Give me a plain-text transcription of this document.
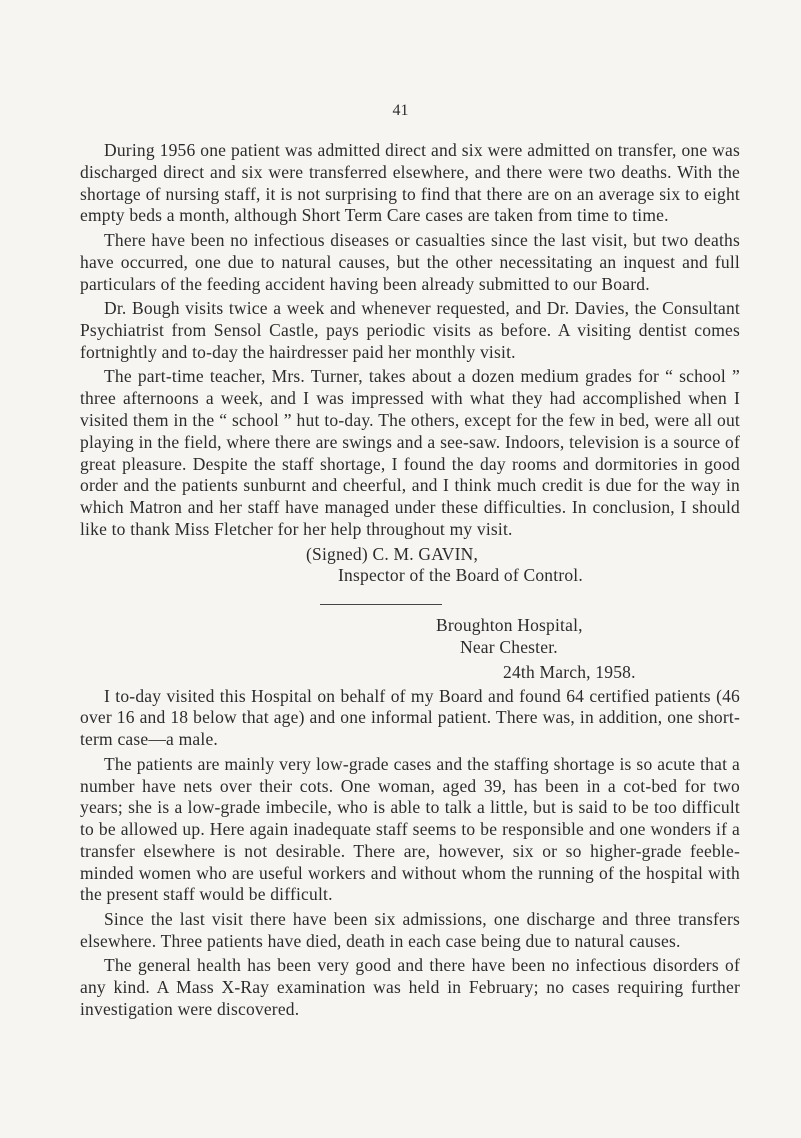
41

During 1956 one patient was admitted direct and six were admitted on transfer, one was discharged direct and six were transferred elsewhere, and there were two deaths. With the shortage of nursing staff, it is not surprising to find that there are on an average six to eight empty beds a month, although Short Term Care cases are taken from time to time.

There have been no infectious diseases or casualties since the last visit, but two deaths have occurred, one due to natural causes, but the other necessitating an inquest and full particulars of the feeding accident having been already submitted to our Board.

Dr. Bough visits twice a week and whenever requested, and Dr. Davies, the Consultant Psychiatrist from Sensol Castle, pays periodic visits as before. A visiting dentist comes fortnightly and to-day the hairdresser paid her monthly visit.

The part-time teacher, Mrs. Turner, takes about a dozen medium grades for “ school ” three afternoons a week, and I was impressed with what they had accomplished when I visited them in the “ school ” hut to-day. The others, except for the few in bed, were all out playing in the field, where there are swings and a see-saw. Indoors, television is a source of great pleasure. Despite the staff shortage, I found the day rooms and dormitories in good order and the patients sunburnt and cheerful, and I think much credit is due for the way in which Matron and her staff have managed under these difficulties. In conclusion, I should like to thank Miss Fletcher for her help throughout my visit.

(Signed) C. M. GAVIN,
Inspector of the Board of Control.
Broughton Hospital,
Near Chester.
24th March, 1958.

I to-day visited this Hospital on behalf of my Board and found 64 certified patients (46 over 16 and 18 below that age) and one informal patient. There was, in addition, one short-term case—a male.

The patients are mainly very low-grade cases and the staffing shortage is so acute that a number have nets over their cots. One woman, aged 39, has been in a cot-bed for two years; she is a low-grade imbecile, who is able to talk a little, but is said to be too difficult to be allowed up. Here again inadequate staff seems to be responsible and one wonders if a transfer elsewhere is not desirable. There are, however, six or so higher-grade feeble-minded women who are useful workers and without whom the running of the hospital with the present staff would be difficult.

Since the last visit there have been six admissions, one discharge and three transfers elsewhere. Three patients have died, death in each case being due to natural causes.

The general health has been very good and there have been no infectious disorders of any kind. A Mass X-Ray examination was held in February; no cases requiring further investigation were discovered.
